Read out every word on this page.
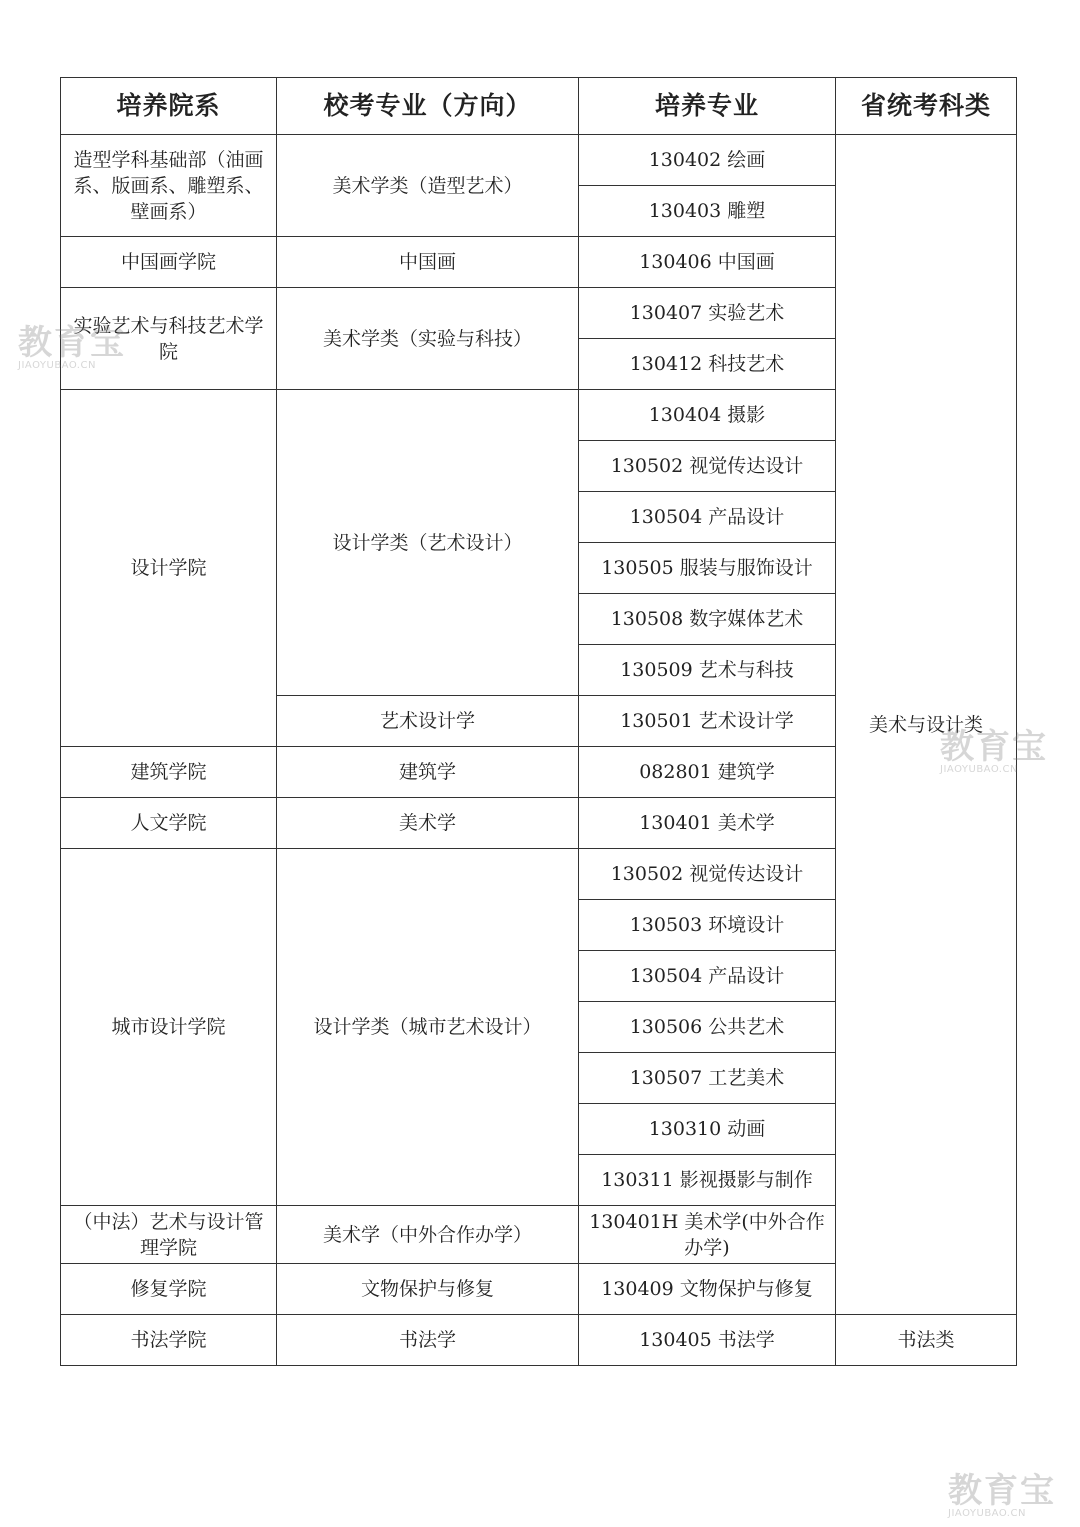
培养院系	校考专业（方向）	培养专业	省统考科类
造型学科基础部（油画系、版画系、雕塑系、壁画系）	美术学类（造型艺术）	130402 绘画	美术与设计类
		130403 雕塑	
中国画学院	中国画	130406 中国画	
实验艺术与科技艺术学院	美术学类（实验与科技）	130407 实验艺术	
		130412 科技艺术	
设计学院	设计学类（艺术设计）	130404 摄影	
		130502 视觉传达设计	
		130504 产品设计	
		130505 服装与服饰设计	
		130508 数字媒体艺术	
		130509 艺术与科技	
	艺术设计学	130501 艺术设计学	
建筑学院	建筑学	082801 建筑学	
人文学院	美术学	130401 美术学	
城市设计学院	设计学类（城市艺术设计）	130502 视觉传达设计	
		130503 环境设计	
		130504 产品设计	
		130506 公共艺术	
		130507 工艺美术	
		130310 动画	
		130311 影视摄影与制作	
（中法）艺术与设计管理学院	美术学（中外合作办学）	130401H 美术学(中外合作办学)	
修复学院	文物保护与修复	130409 文物保护与修复	
书法学院	书法学	130405 书法学	书法类
教育宝
JIAOYUBAO.CN
教育宝
JIAOYUBAO.CN
教育宝
JIAOYUBAO.CN
